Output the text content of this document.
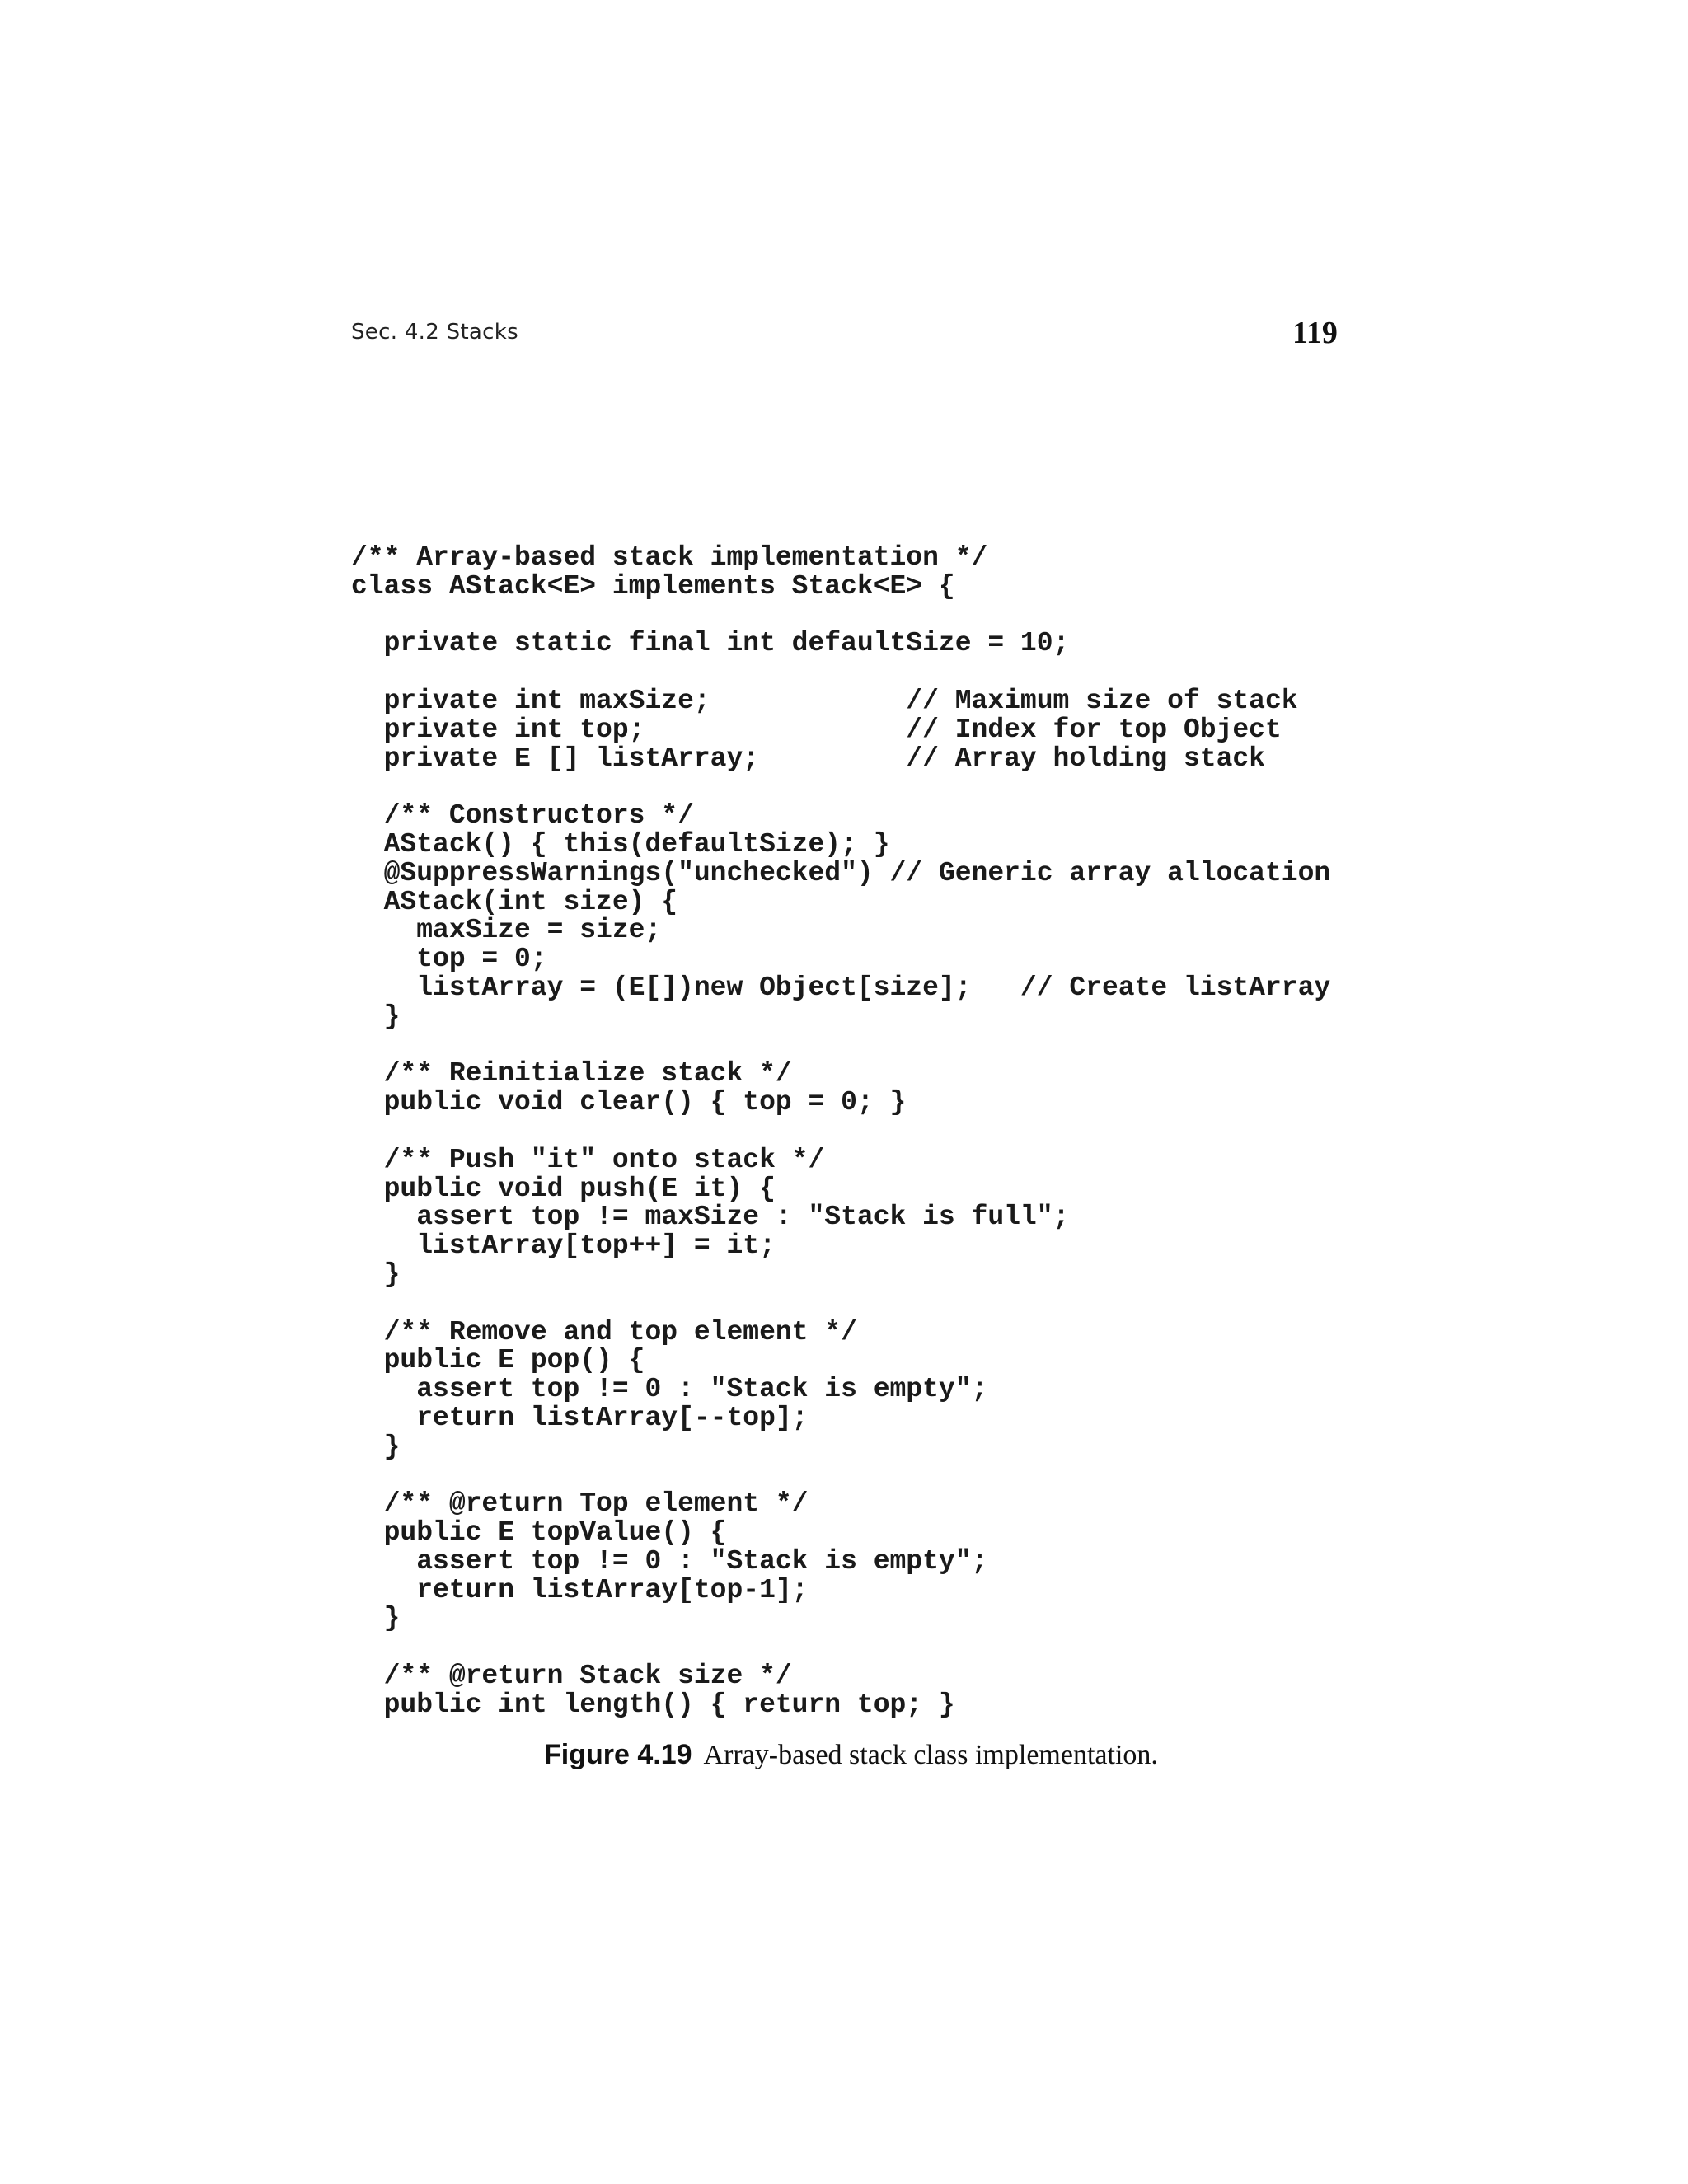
Sec. 4.2 Stacks	119
/** Array-based stack implementation */
class AStack<E> implements Stack<E> {
private static final int defaultSize = 10;
private int maxSize;            // Maximum size of stack
private int top;                // Index for top Object
private E [] listArray;         // Array holding stack
/** Constructors */
AStack() { this(defaultSize); }
@SuppressWarnings("unchecked") // Generic array allocation
AStack(int size) {
maxSize = size;
top = 0;
listArray = (E[])new Object[size];   // Create listArray
}
/** Reinitialize stack */
public void clear() { top = 0; }
/** Push "it" onto stack */
public void push(E it) {
assert top != maxSize : "Stack is full";
listArray[top++] = it;
}
/** Remove and top element */
public E pop() {
assert top != 0 : "Stack is empty";
return listArray[--top];
}
/** @return Top element */
public E topValue() {
assert top != 0 : "Stack is empty";
return listArray[top-1];
}
/** @return Stack size */
public int length() { return top; }
Figure 4.19 Array-based stack class implementation.
